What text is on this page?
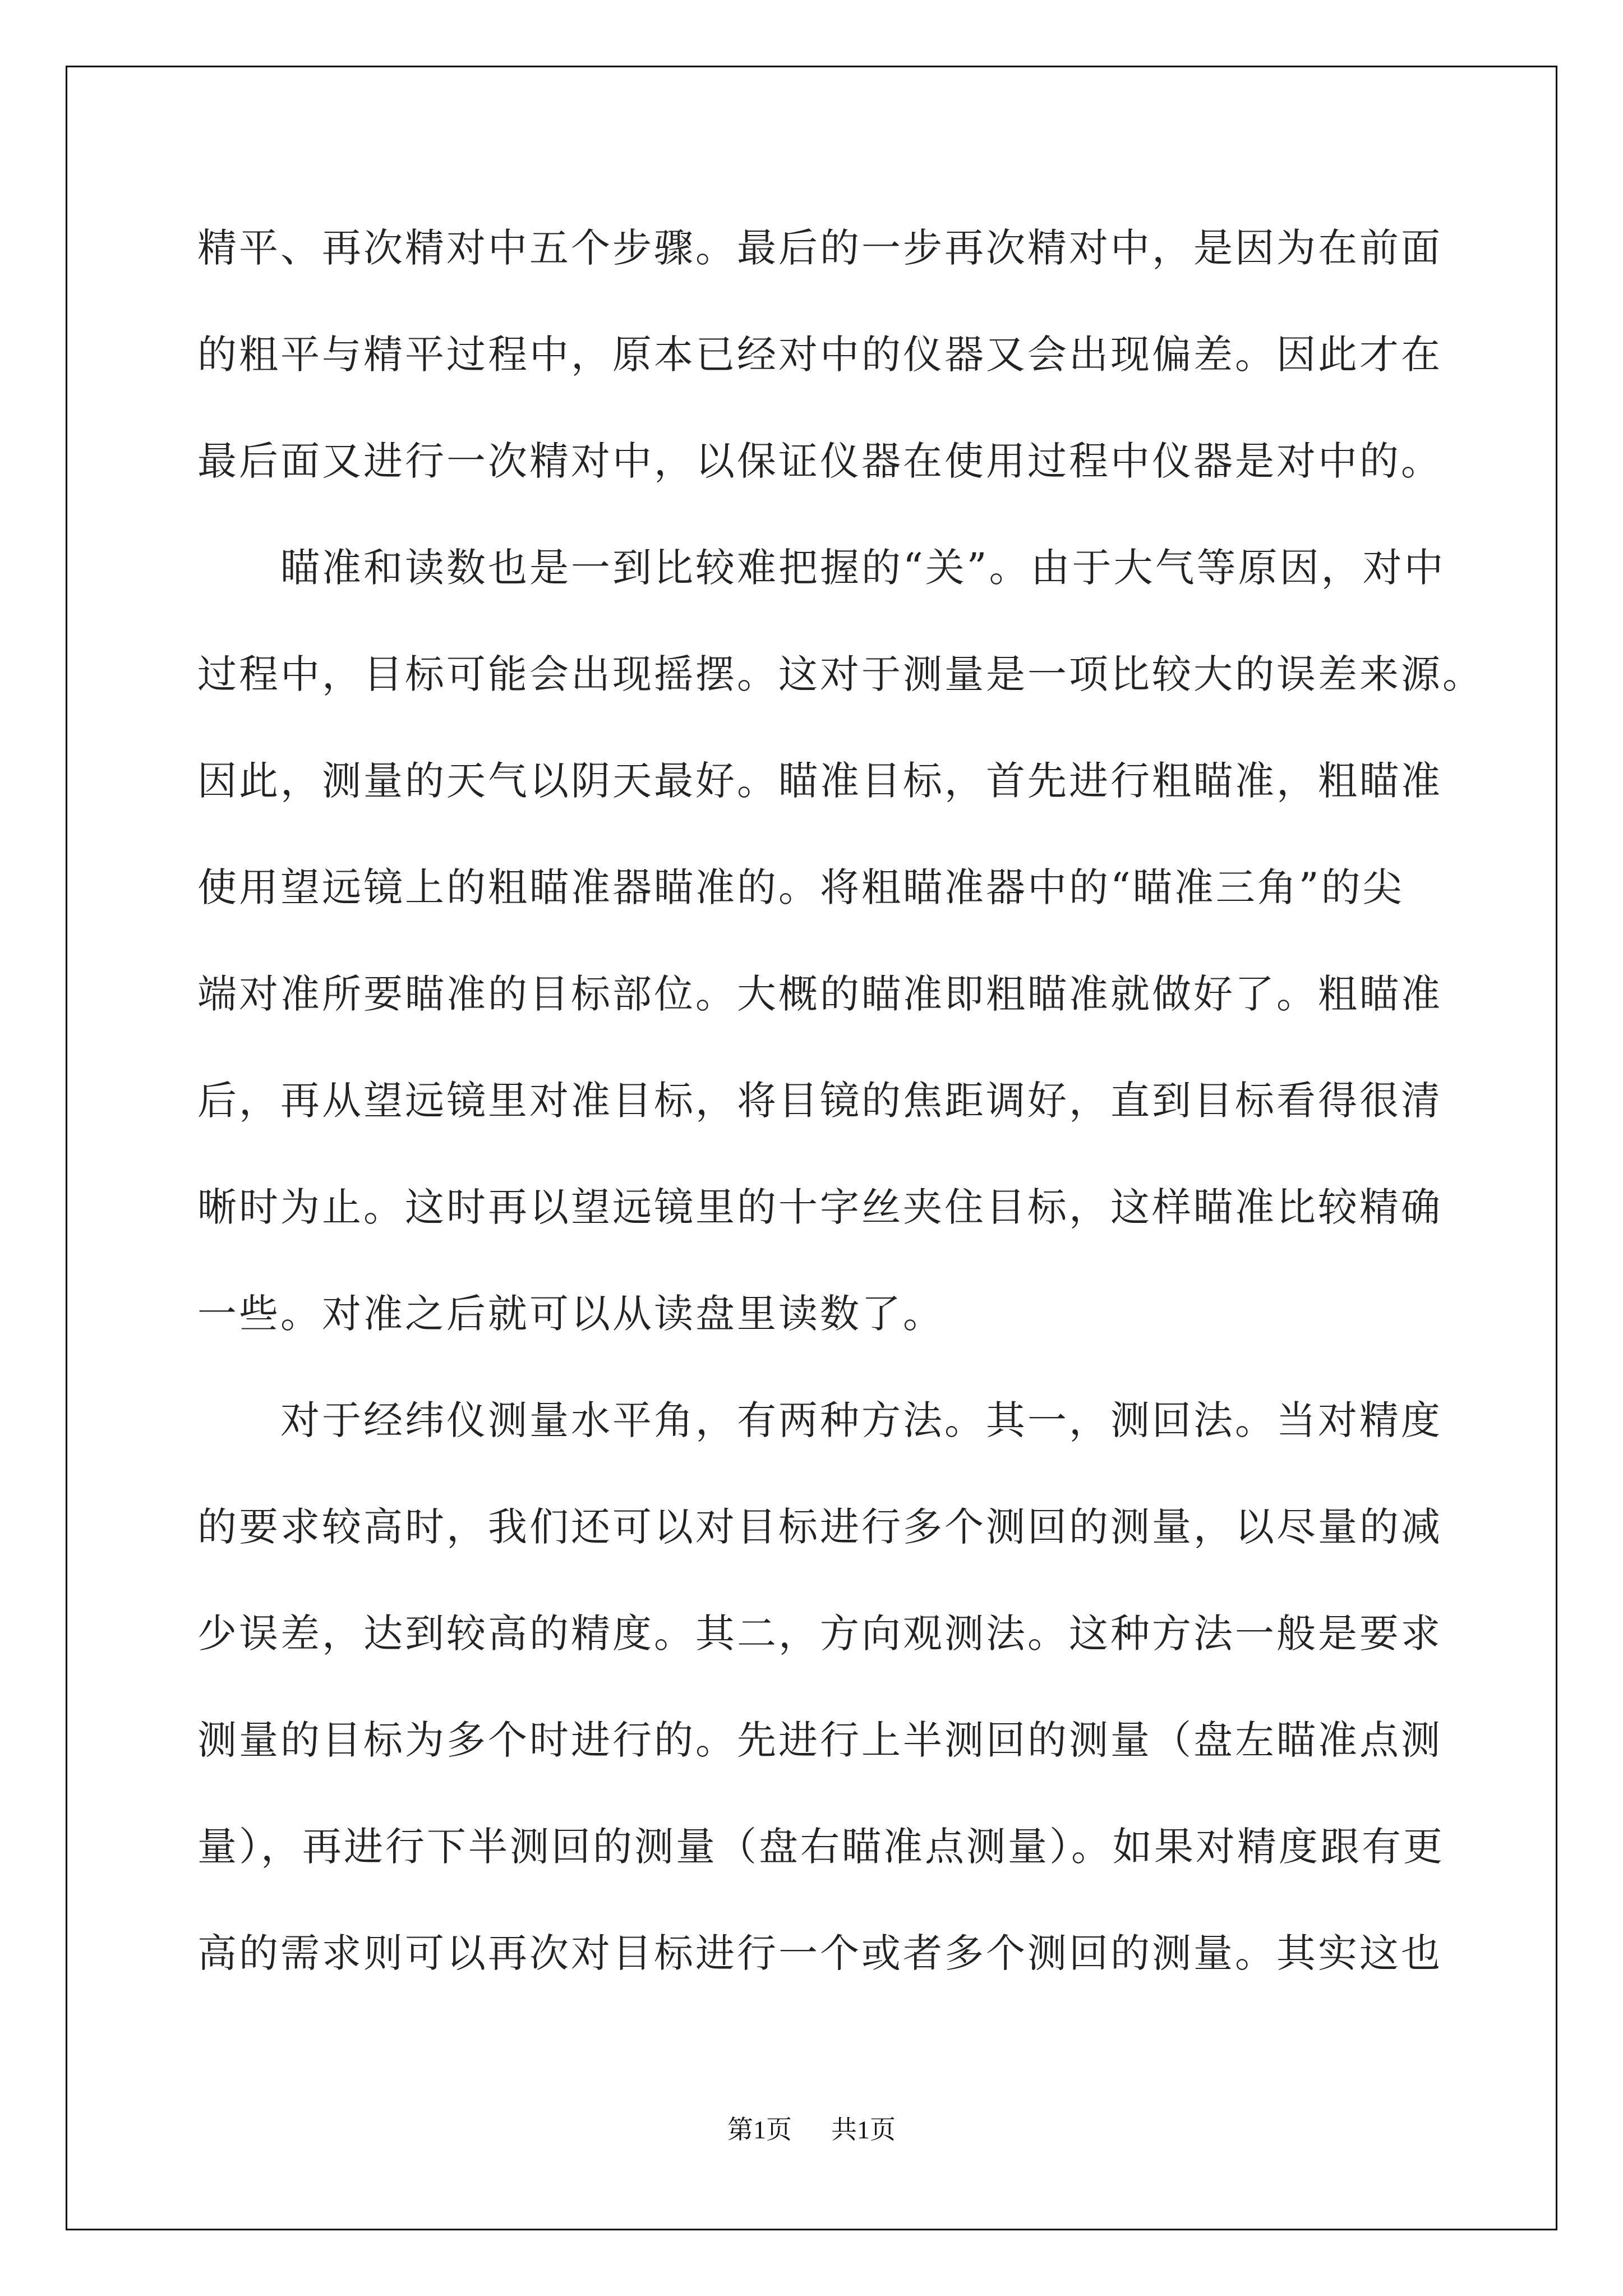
精平、再次精对中五个步骤。最后的一步再次精对中，是因为在前面
的粗平与精平过程中，原本已经对中的仪器又会出现偏差。因此才在
最后面又进行一次精对中，以保证仪器在使用过程中仪器是对中的。
　　瞄准和读数也是一到比较难把握的“关”。由于大气等原因，对中
过程中，目标可能会出现摇摆。这对于测量是一项比较大的误差来源。
因此，测量的天气以阴天最好。瞄准目标，首先进行粗瞄准，粗瞄准
使用望远镜上的粗瞄准器瞄准的。将粗瞄准器中的“瞄准三角”的尖
端对准所要瞄准的目标部位。大概的瞄准即粗瞄准就做好了。粗瞄准
后，再从望远镜里对准目标，将目镜的焦距调好，直到目标看得很清
晰时为止。这时再以望远镜里的十字丝夹住目标，这样瞄准比较精确
一些。对准之后就可以从读盘里读数了。
　　对于经纬仪测量水平角，有两种方法。其一，测回法。当对精度
的要求较高时，我们还可以对目标进行多个测回的测量，以尽量的减
少误差，达到较高的精度。其二，方向观测法。这种方法一般是要求
测量的目标为多个时进行的。先进行上半测回的测量（盘左瞄准点测
量），再进行下半测回的测量（盘右瞄准点测量）。如果对精度跟有更
高的需求则可以再次对目标进行一个或者多个测回的测量。其实这也
第1页 共1页
